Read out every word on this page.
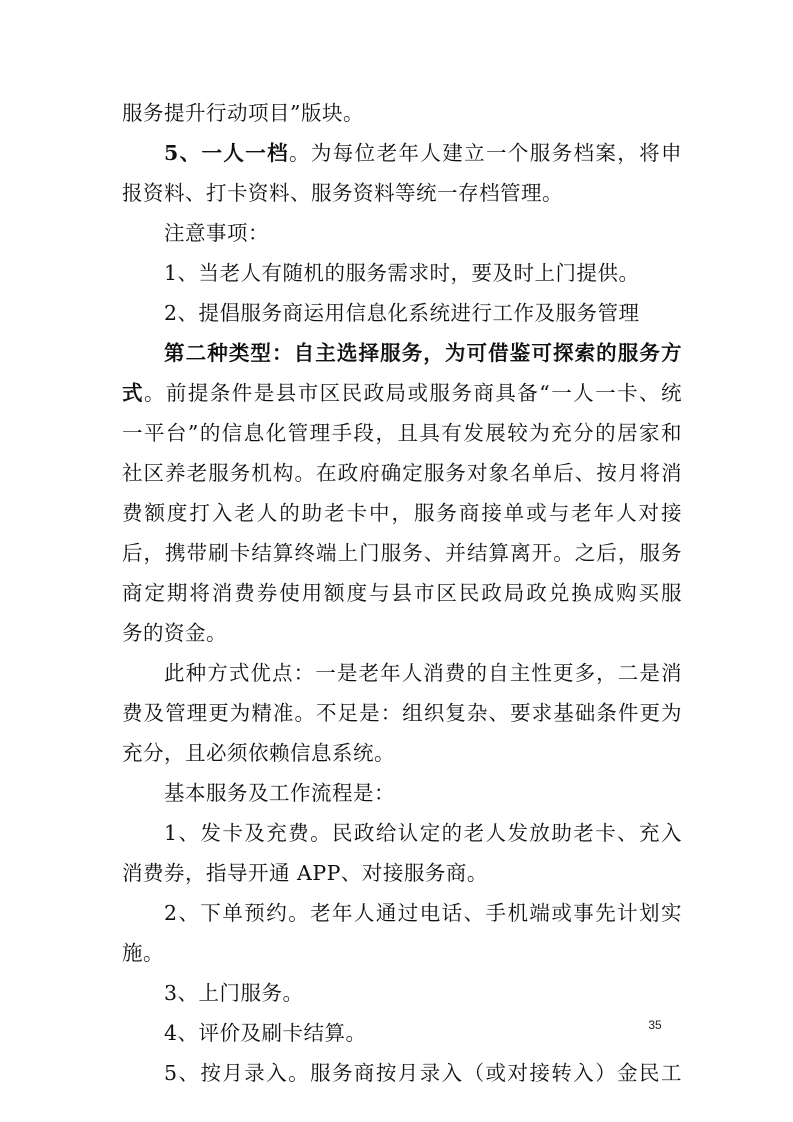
服务提升行动项目”版块。
5、一人一档。为每位老年人建立一个服务档案，将申
报资料、打卡资料、服务资料等统一存档管理。
注意事项：
1、当老人有随机的服务需求时，要及时上门提供。
2、提倡服务商运用信息化系统进行工作及服务管理
第二种类型：自主选择服务，为可借鉴可探索的服务方
式。前提条件是县市区民政局或服务商具备“一人一卡、统
一平台”的信息化管理手段，且具有发展较为充分的居家和
社区养老服务机构。在政府确定服务对象名单后、按月将消
费额度打入老人的助老卡中，服务商接单或与老年人对接
后，携带刷卡结算终端上门服务、并结算离开。之后，服务
商定期将消费券使用额度与县市区民政局政兑换成购买服
务的资金。
此种方式优点：一是老年人消费的自主性更多，二是消
费及管理更为精准。不足是：组织复杂、要求基础条件更为
充分，且必须依赖信息系统。
基本服务及工作流程是：
1、发卡及充费。民政给认定的老人发放助老卡、充入
消费券，指导开通 APP、对接服务商。
2、下单预约。老年人通过电话、手机端或事先计划实
施。
3、上门服务。
4、评价及刷卡结算。
5、按月录入。服务商按月录入（或对接转入）金民工
35
